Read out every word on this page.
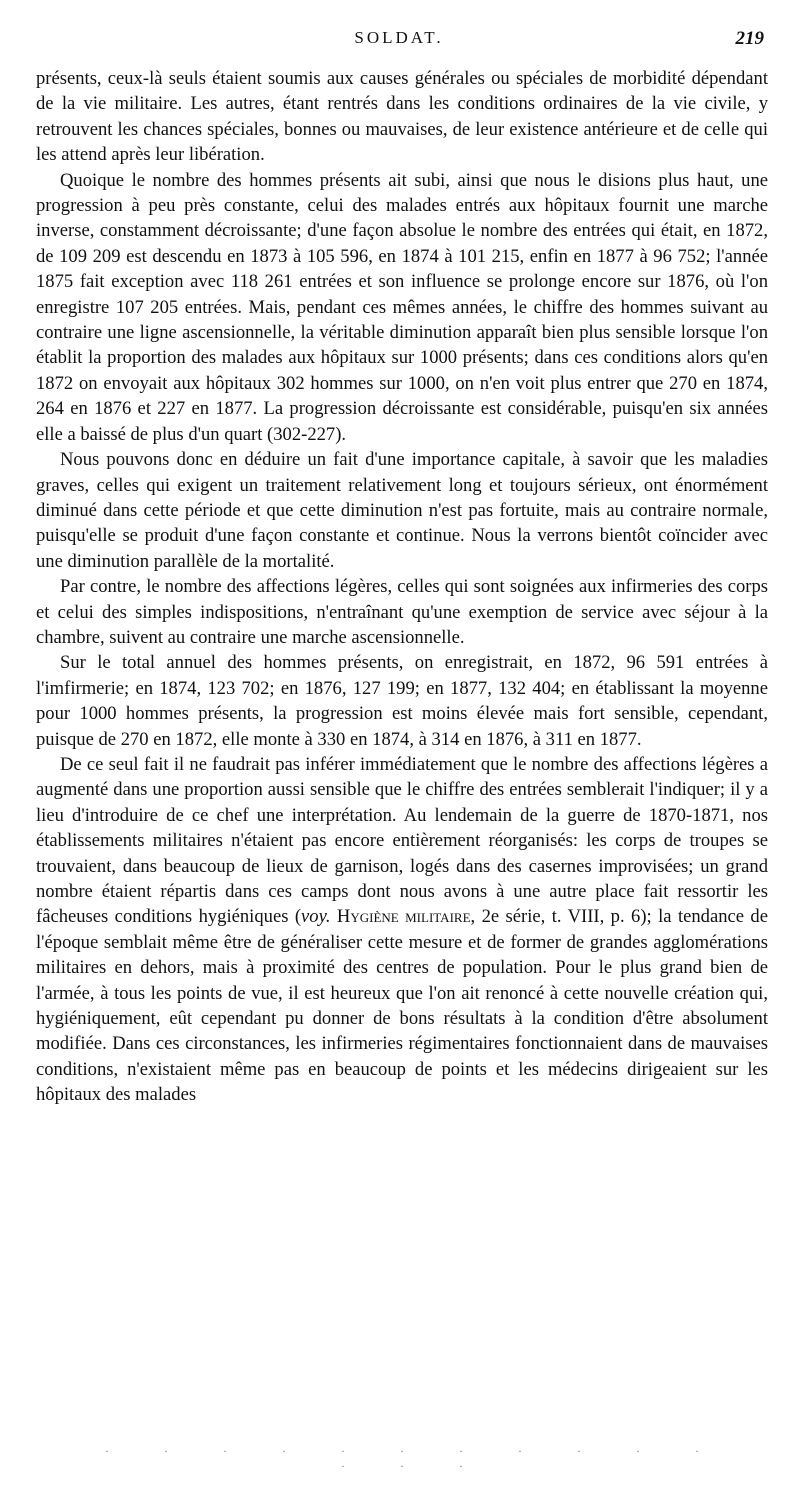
SOLDAT.	219

présents, ceux-là seuls étaient soumis aux causes générales ou spéciales de morbidité dépendant de la vie militaire. Les autres, étant rentrés dans les conditions ordinaires de la vie civile, y retrouvent les chances spéciales, bonnes ou mauvaises, de leur existence antérieure et de celle qui les attend après leur libération.

Quoique le nombre des hommes présents ait subi, ainsi que nous le disions plus haut, une progression à peu près constante, celui des malades entrés aux hôpitaux fournit une marche inverse, constamment décroissante; d'une façon absolue le nombre des entrées qui était, en 1872, de 109 209 est descendu en 1873 à 105 596, en 1874 à 101 215, enfin en 1877 à 96 752; l'année 1875 fait exception avec 118 261 entrées et son influence se prolonge encore sur 1876, où l'on enregistre 107 205 entrées. Mais, pendant ces mêmes années, le chiffre des hommes suivant au contraire une ligne ascensionnelle, la véritable diminution apparaît bien plus sensible lorsque l'on établit la proportion des malades aux hôpitaux sur 1000 présents; dans ces conditions alors qu'en 1872 on envoyait aux hôpitaux 302 hommes sur 1000, on n'en voit plus entrer que 270 en 1874, 264 en 1876 et 227 en 1877. La progression décroissante est considérable, puisqu'en six années elle a baissé de plus d'un quart (302-227).

Nous pouvons donc en déduire un fait d'une importance capitale, à savoir que les maladies graves, celles qui exigent un traitement relativement long et toujours sérieux, ont énormément diminué dans cette période et que cette diminution n'est pas fortuite, mais au contraire normale, puisqu'elle se produit d'une façon constante et continue. Nous la verrons bientôt coïncider avec une diminution parallèle de la mortalité.

Par contre, le nombre des affections légères, celles qui sont soignées aux infirmeries des corps et celui des simples indispositions, n'entraînant qu'une exemption de service avec séjour à la chambre, suivent au contraire une marche ascensionnelle.

Sur le total annuel des hommes présents, on enregistrait, en 1872, 96 591 entrées à l'imfirmerie; en 1874, 123 702; en 1876, 127 199; en 1877, 132 404; en établissant la moyenne pour 1000 hommes présents, la progression est moins élevée mais fort sensible, cependant, puisque de 270 en 1872, elle monte à 330 en 1874, à 314 en 1876, à 311 en 1877.

De ce seul fait il ne faudrait pas inférer immédiatement que le nombre des affections légères a augmenté dans une proportion aussi sensible que le chiffre des entrées semblerait l'indiquer; il y a lieu d'introduire de ce chef une interprétation. Au lendemain de la guerre de 1870-1871, nos établissements militaires n'étaient pas encore entièrement réorganisés: les corps de troupes se trouvaient, dans beaucoup de lieux de garnison, logés dans des casernes improvisées; un grand nombre étaient répartis dans ces camps dont nous avons à une autre place fait ressortir les fâcheuses conditions hygiéniques (voy. Hygiène militaire, 2e série, t. VIII, p. 6); la tendance de l'époque semblait même être de généraliser cette mesure et de former de grandes agglomérations militaires en dehors, mais à proximité des centres de population. Pour le plus grand bien de l'armée, à tous les points de vue, il est heureux que l'on ait renoncé à cette nouvelle création qui, hygiéniquement, eût cependant pu donner de bons résultats à la condition d'être absolument modifiée. Dans ces circonstances, les infirmeries régimentaires fonctionnaient dans de mauvaises conditions, n'existaient même pas en beaucoup de points et les médecins dirigeaient sur les hôpitaux des malades

· · · · · · · · · · · · · ·
